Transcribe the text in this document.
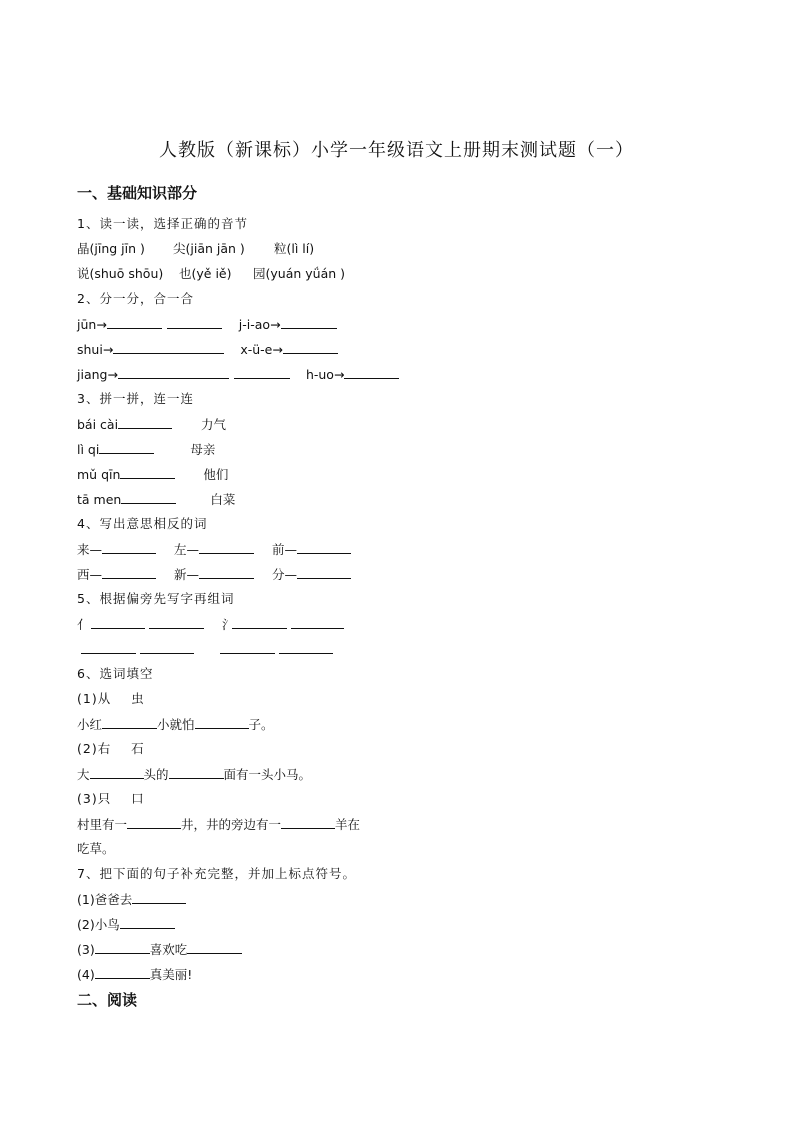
人教版（新课标）小学一年级语文上册期末测试题（一）
一、基础知识部分
1、读一读，选择正确的音节
晶(jīng jīn ) 尖(jiān jān ) 粒(lì lí)
说(shuō shōu) 也(yě iě) 园(yuán yǘán )
2、分一分，合一合
jūn→	j-i-ao→
shui→	x-ü-e→
jiang→	h-uo→
3、拼一拼，连一连
bái cài	力气
lì qi	母亲
mǔ qīn	他们
tā men	白菜
4、写出意思相反的词
来—	左—	前—
西—	新—	分—
5、根据偏旁先写字再组词
亻	氵
6、选词填空
(1)从    虫
小红	小就怕	子。
(2)右    石
大	头的	面有一头小马。
(3)只    口
村里有一	井，井的旁边有一	羊在
吃草。
7、把下面的句子补充完整，并加上标点符号。
(1)爸爸去
(2)小鸟
(3)	喜欢吃
(4)	真美丽!
二、阅读
